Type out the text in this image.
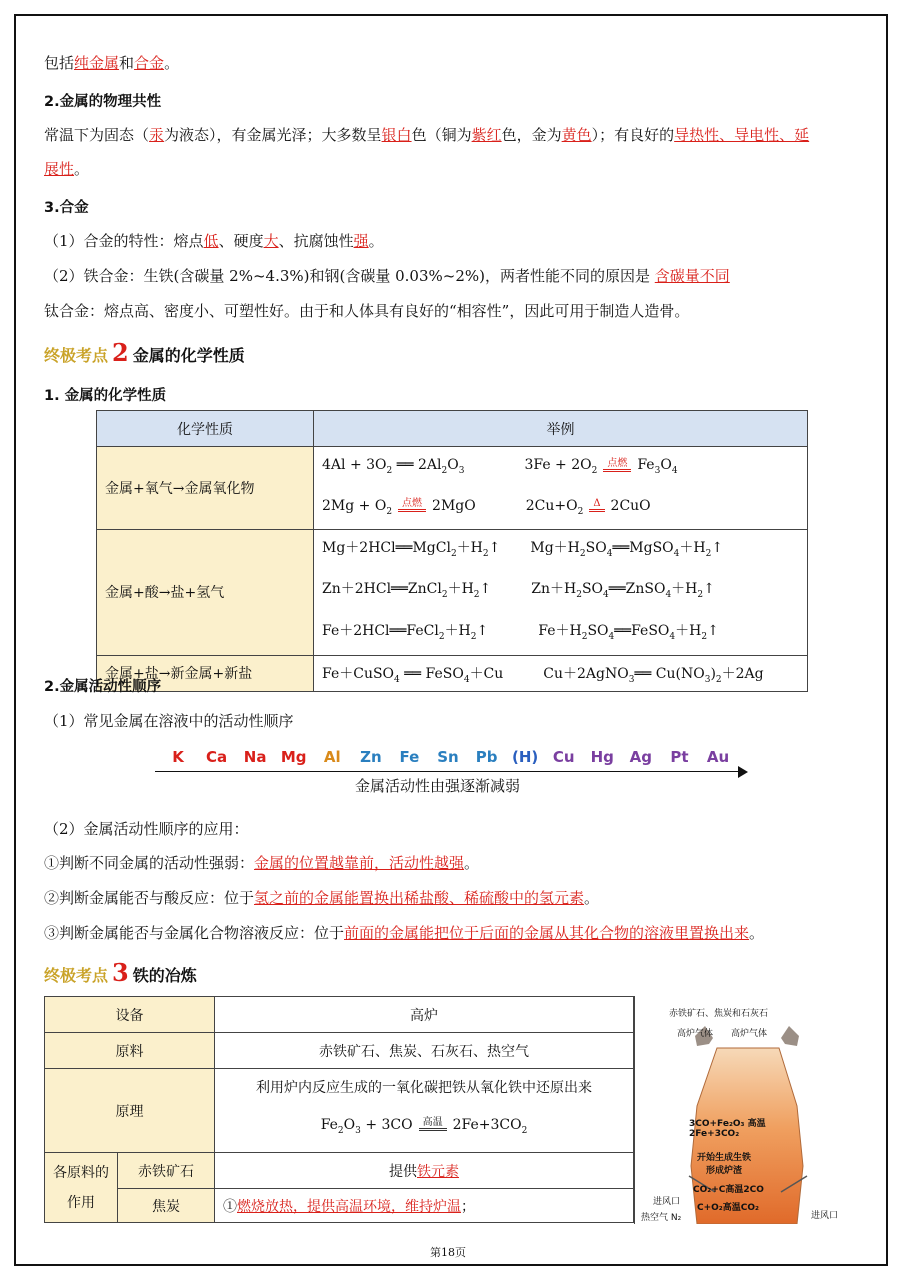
包括纯金属和合金。
2.金属的物理共性
常温下为固态（汞为液态），有金属光泽；大多数呈银白色（铜为紫红色，金为黄色）；有良好的导热性、导电性、延
展性。
3.合金
（1）合金的特性：熔点低、硬度大、抗腐蚀性强。
（2）铁合金：生铁(含碳量 2%~4.3%)和钢(含碳量 0.03%~2%)，两者性能不同的原因是 含碳量不同
钛合金：熔点高、密度小、可塑性好。由于和人体具有良好的“相容性”，因此可用于制造人造骨。
终极考点 2 金属的化学性质
1. 金属的化学性质
化学性质	举例
金属+氧气→金属氧化物	$4Al + 3O_2$ ══ $2Al_2O_3$ $3Fe + 2O_2$点燃 $Fe_3O_4$
$2Mg + O_2$点燃 2MgO $2Cu+O_2\Delta$ 2CuO

金属+酸→盐+氢气	$Mg+2HCl══MgCl_2+H_2↑$ $Mg+H_2SO_4══MgSO_4+H_2↑$
$Zn+2HCl══ZnCl_2+H_2↑$ $Zn+H_2SO_4══ZnSO_4+H_2↑$
$Fe+2HCl══FeCl_2+H_2↑$ $Fe+H_2SO_4══FeSO_4+H_2↑$

金属+盐→新金属+新盐	Fe＋CuSO$_4$ ══ FeSO$_4$＋Cu Cu＋2AgNO$_3$══ $Cu(NO_3)_2+2Ag$
2.金属活动性顺序
（1）常见金属在溶液中的活动性顺序
金属活动性由强逐渐减弱
K Ca Na Mg Al Zn Fe Sn Pb (H) Cu Hg Ag Pt Au
（2）金属活动性顺序的应用：
①判断不同金属的活动性强弱：金属的位置越靠前，活动性越强。
②判断金属能否与酸反应：位于氢之前的金属能置换出稀盐酸、稀硫酸中的氢元素。
③判断金属能否与金属化合物溶液反应：位于前面的金属能把位于后面的金属从其化合物的溶液里置换出来。
终极考点 3 铁的冶炼
设备		高炉
原料		赤铁矿石、焦炭、石灰石、热空气
原理		利用炉内反应生成的一氧化碳把铁从氧化铁中还原出来
$Fe_2O_3 + 3CO$ 高温 $2Fe+3CO_2$

各原料的作用	赤铁矿石	提供铁元素
	焦炭	①燃烧放热，提供高温环境，维持炉温；
赤铁矿石、焦炭和石灰石
高炉气体 高炉气体
3CO+Fe₂O₃ 高温
2Fe+3CO₂
开始生成生铁
形成炉渣
CO₂+C高温2CO
C+O₂高温CO₂
进风口
热空气 N₂	进风口
第18页
